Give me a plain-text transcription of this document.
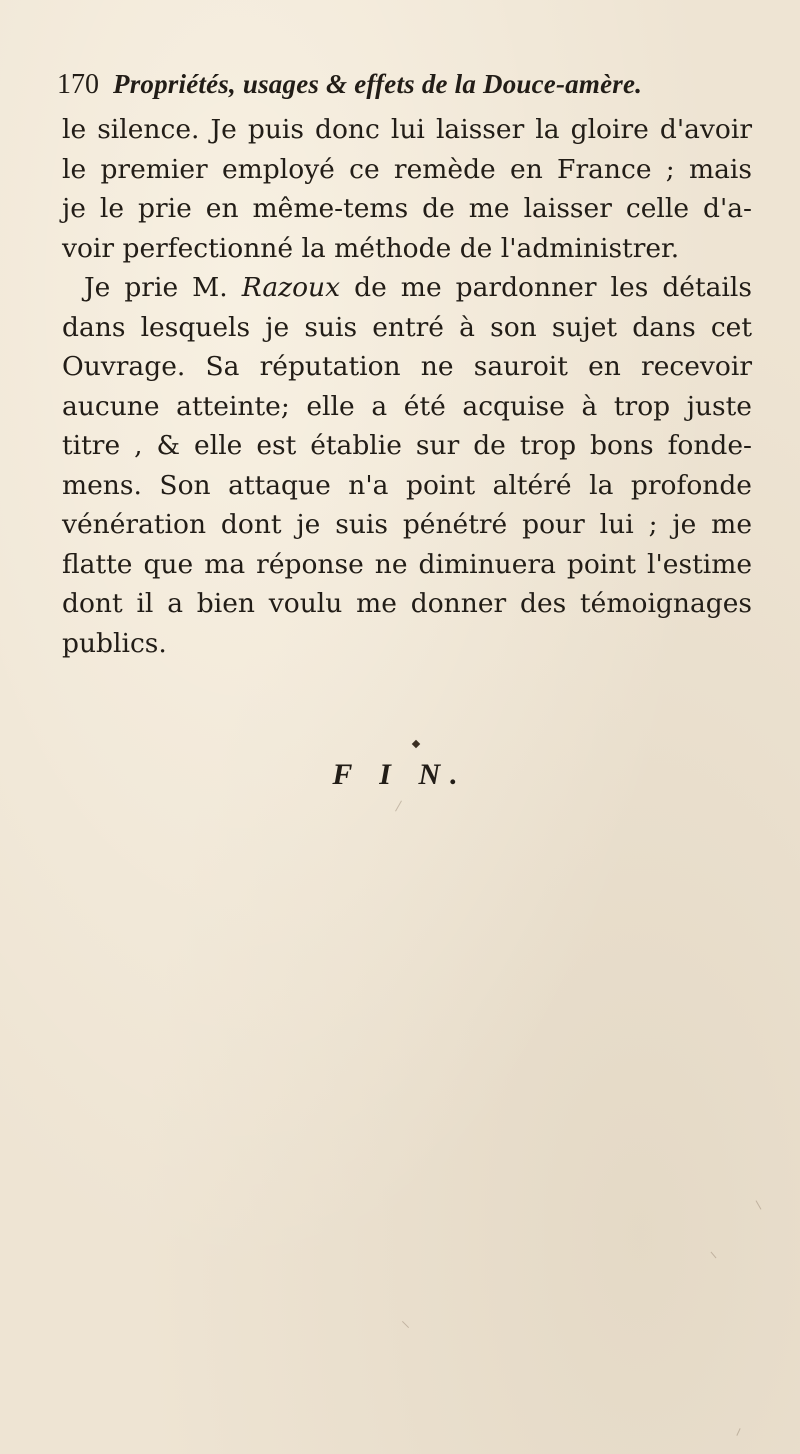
170 Propriétés, usages & effets de la Douce-amère.
le silence. Je puis donc lui laisser la gloire d'avoir
le premier employé ce remède en France ; mais
je le prie en même-tems de me laisser celle d'a-
voir perfectionné la méthode de l'administrer.
Je prie M. Razoux de me pardonner les détails
dans lesquels je suis entré à son sujet dans cet
Ouvrage. Sa réputation ne sauroit en recevoir
aucune atteinte; elle a été acquise à trop juste
titre , & elle est établie sur de trop bons fonde-
mens. Son attaque n'a point altéré la profonde
vénération dont je suis pénétré pour lui ; je me
flatte que ma réponse ne diminuera point l'estime
dont il a bien voulu me donner des témoignages
publics.
F I N.
